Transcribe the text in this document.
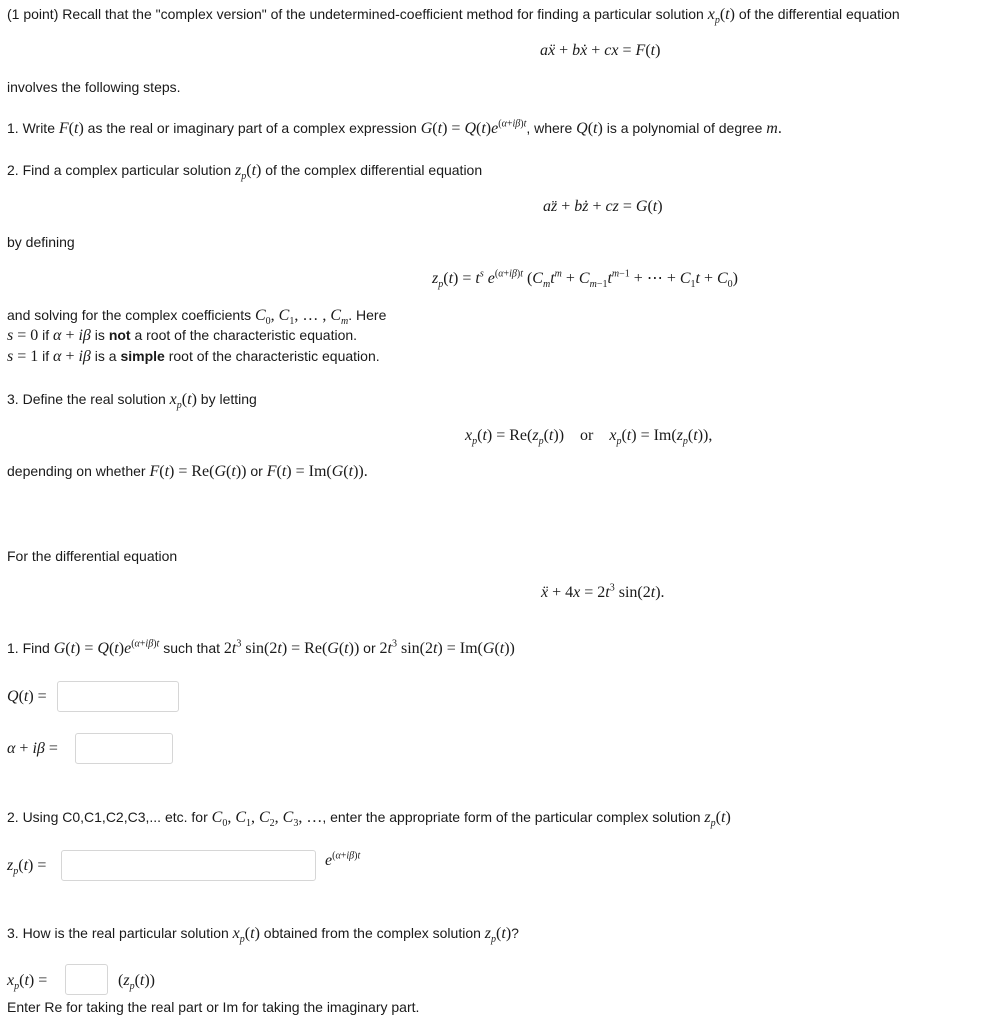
(1 point) Recall that the "complex version" of the undetermined-coefficient method for finding a particular solution $x_p(t)$ of the differential equation
aẍ + bẋ + cx = F(t)
involves the following steps.
1. Write F(t) as the real or imaginary part of a complex expression $G(t) = Q(t)e^{(\alpha+i\beta)t}$, where Q(t) is a polynomial of degree m.
2. Find a complex particular solution $z_p(t)$ of the complex differential equation
az̈ + bż + cz = G(t)
by defining
$z_p(t) = t^s$ $e^{(\alpha+i\beta)t}$ ($C_mt^m + C_{m-1}t^{m-1}$ + ⋯ + $C_1t + C_0$)
and solving for the complex coefficients $C_0$, $C_1$, … , $C_m$. Here
s = 0 if α + iβ is not a root of the characteristic equation.
s = 1 if α + iβ is a simple root of the characteristic equation.
3. Define the real solution $x_p(t)$ by letting
$x_p(t) = Re(z_p(t))$    or $x_p(t) = Im(z_p(t))$,
depending on whether F(t) = Re(G(t)) or F(t) = Im(G(t)).
For the differential equation
ẍ + $4x = 2t^3$ sin(2t).
1. Find $G(t) = Q(t)e^{(\alpha+i\beta)t}$ such that $2t^3$ sin(2t) = Re(G(t)) or $2t^3$ sin(2t) = Im(G(t))
Q(t) =
α + iβ =
2. Using C0,C1,C2,C3,... etc. for $C_0$, $C_1$, $C_2$, $C_3$, …, enter the appropriate form of the particular complex solution $z_p(t)$
$z_p(t)$ =	$e^{(\alpha+i\beta)t}$
3. How is the real particular solution $x_p(t)$ obtained from the complex solution $z_p(t)$?
$x_p(t)$ =	$(z_p(t))$
Enter Re for taking the real part or Im for taking the imaginary part.
